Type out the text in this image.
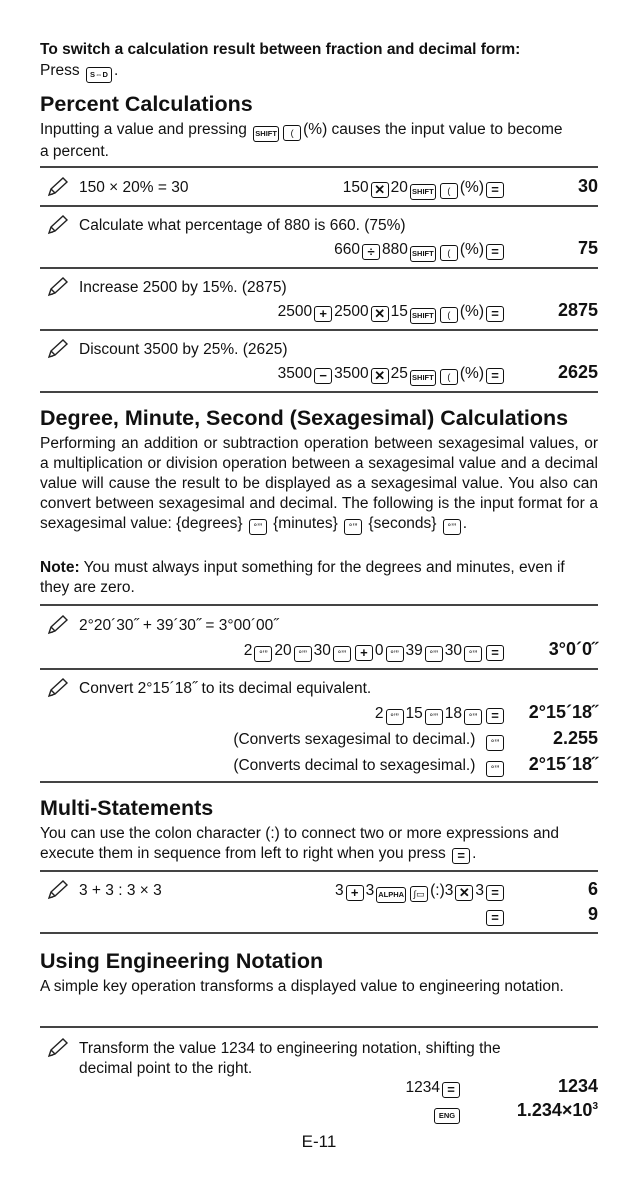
To switch a calculation result between fraction and decimal form:

Press S⇔D .

Percent Calculations

Inputting a value and pressing SHIFT ( (%) causes the input value to become
a percent.

150 × 20% = 30	150 ✕ 20 SHIFT ( (%) =	30
Calculate what percentage of 880 is 660. (75%)
660 ÷ 880 SHIFT ( (%) =	75
Increase 2500 by 15%. (2875)
2500 + 2500 ✕ 15 SHIFT ( (%) =	2875
Discount 3500 by 25%. (2625)
3500 − 3500 ✕ 25 SHIFT ( (%) =	2625
Degree, Minute, Second (Sexagesimal) Calculations

Performing an addition or subtraction operation between sexagesimal values, or a multiplication or division operation between a sexagesimal value and a decimal value will cause the result to be displayed as a sexagesimal value. You also can convert between sexagesimal and decimal. The following is the input format for a sexagesimal value: {degrees} °’” {minutes} °’” {seconds} °’” .

Note: You must always input something for the degrees and minutes, even if they are zero.

2°20´30˝ + 39´30˝ = 3°00´00˝
2 °’” 20 °’” 30 °’” + 0 °’” 39 °’” 30 °’” =	3°0´0˝
Convert 2°15´18˝ to its decimal equivalent.
2 °’” 15 °’” 18 °’” =	2°15´18˝
(Converts sexagesimal to decimal.) °’”	2.255
(Converts decimal to sexagesimal.) °’”	2°15´18˝
Multi-Statements

You can use the colon character (:) to connect two or more expressions and execute them in sequence from left to right when you press = .

3 + 3 : 3 × 3	3 + 3 ALPHA ∫▭ (:)3 ✕ 3 =	6
=	9
Using Engineering Notation

A simple key operation transforms a displayed value to engineering notation.

Transform the value 1234 to engineering notation, shifting the decimal point to the right.
1234 =	1234
ENG	$1.234\times 10^3$
E-11
